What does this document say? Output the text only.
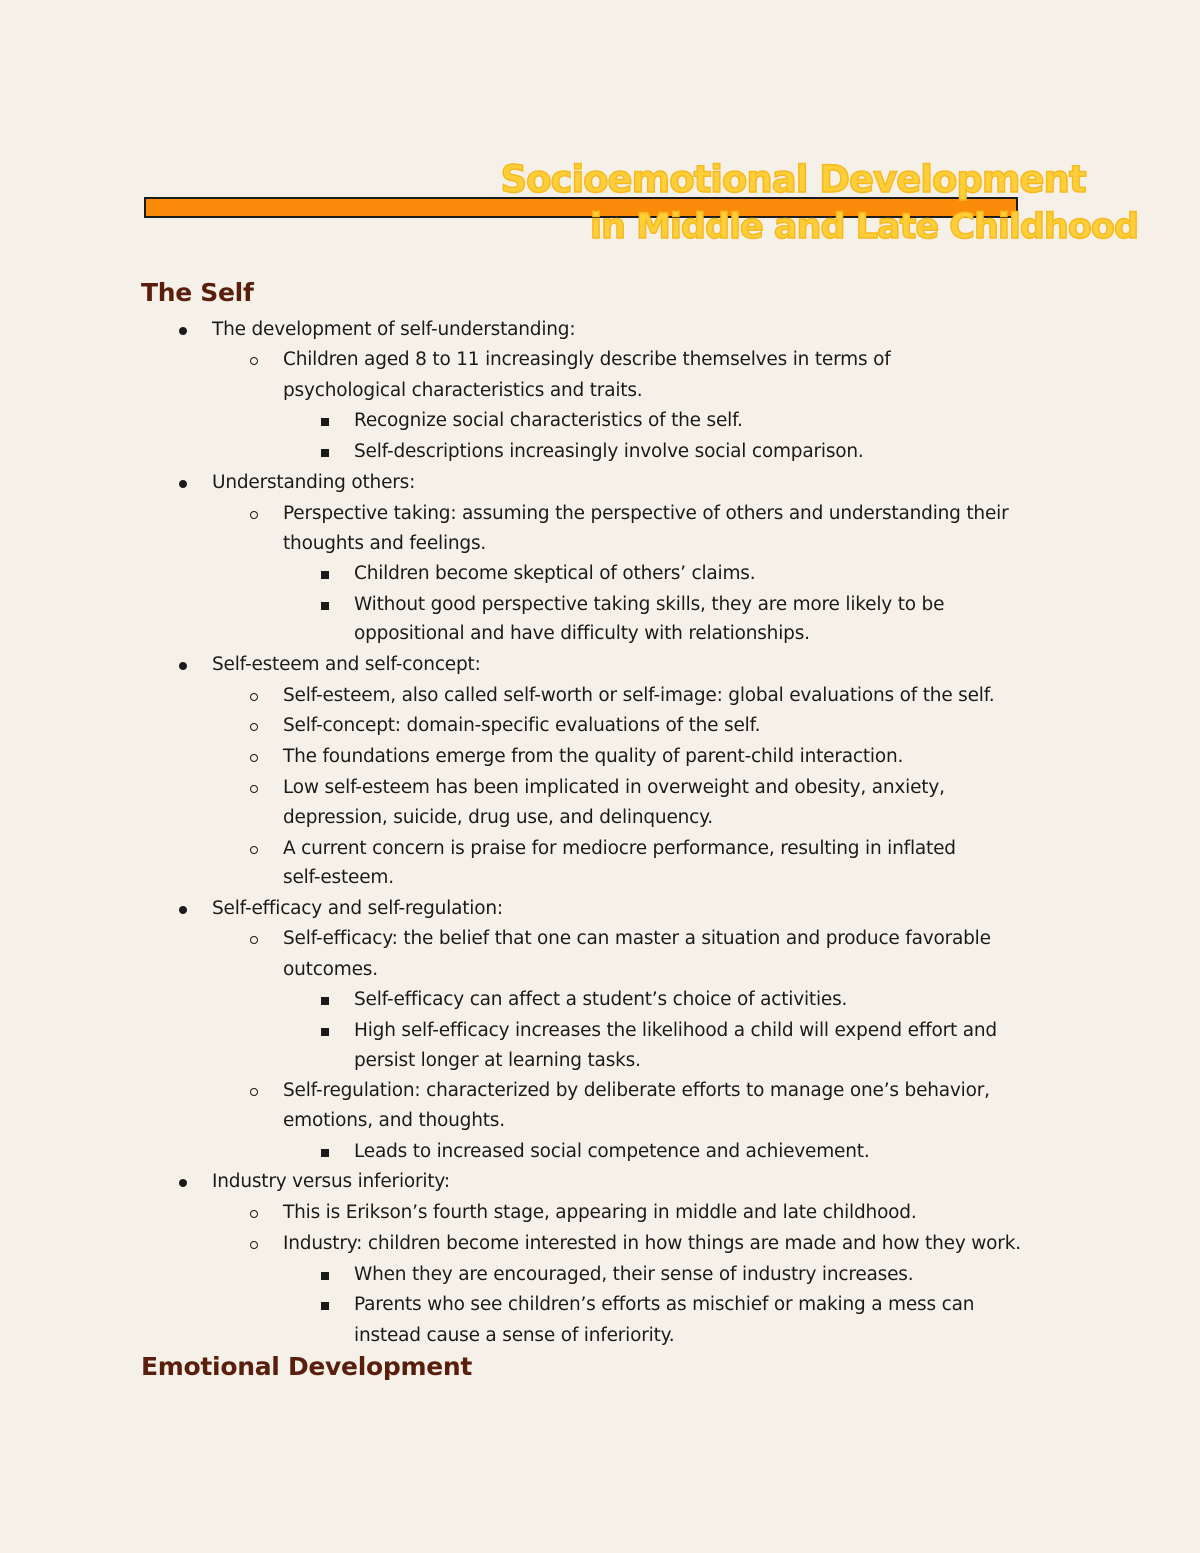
Socioemotional Development
in Middle and Late Childhood
The Self
The development of self-understanding:
Children aged 8 to 11 increasingly describe themselves in terms of
psychological characteristics and traits.
Recognize social characteristics of the self.
Self-descriptions increasingly involve social comparison.
Understanding others:
Perspective taking: assuming the perspective of others and understanding their
thoughts and feelings.
Children become skeptical of others’ claims.
Without good perspective taking skills, they are more likely to be
oppositional and have difficulty with relationships.
Self-esteem and self-concept:
Self-esteem, also called self-worth or self-image: global evaluations of the self.
Self-concept: domain-specific evaluations of the self.
The foundations emerge from the quality of parent-child interaction.
Low self-esteem has been implicated in overweight and obesity, anxiety,
depression, suicide, drug use, and delinquency.
A current concern is praise for mediocre performance, resulting in inflated
self-esteem.
Self-efficacy and self-regulation:
Self-efficacy: the belief that one can master a situation and produce favorable
outcomes.
Self-efficacy can affect a student’s choice of activities.
High self-efficacy increases the likelihood a child will expend effort and
persist longer at learning tasks.
Self-regulation: characterized by deliberate efforts to manage one’s behavior,
emotions, and thoughts.
Leads to increased social competence and achievement.
Industry versus inferiority:
This is Erikson’s fourth stage, appearing in middle and late childhood.
Industry: children become interested in how things are made and how they work.
When they are encouraged, their sense of industry increases.
Parents who see children’s efforts as mischief or making a mess can
instead cause a sense of inferiority.
Emotional Development
